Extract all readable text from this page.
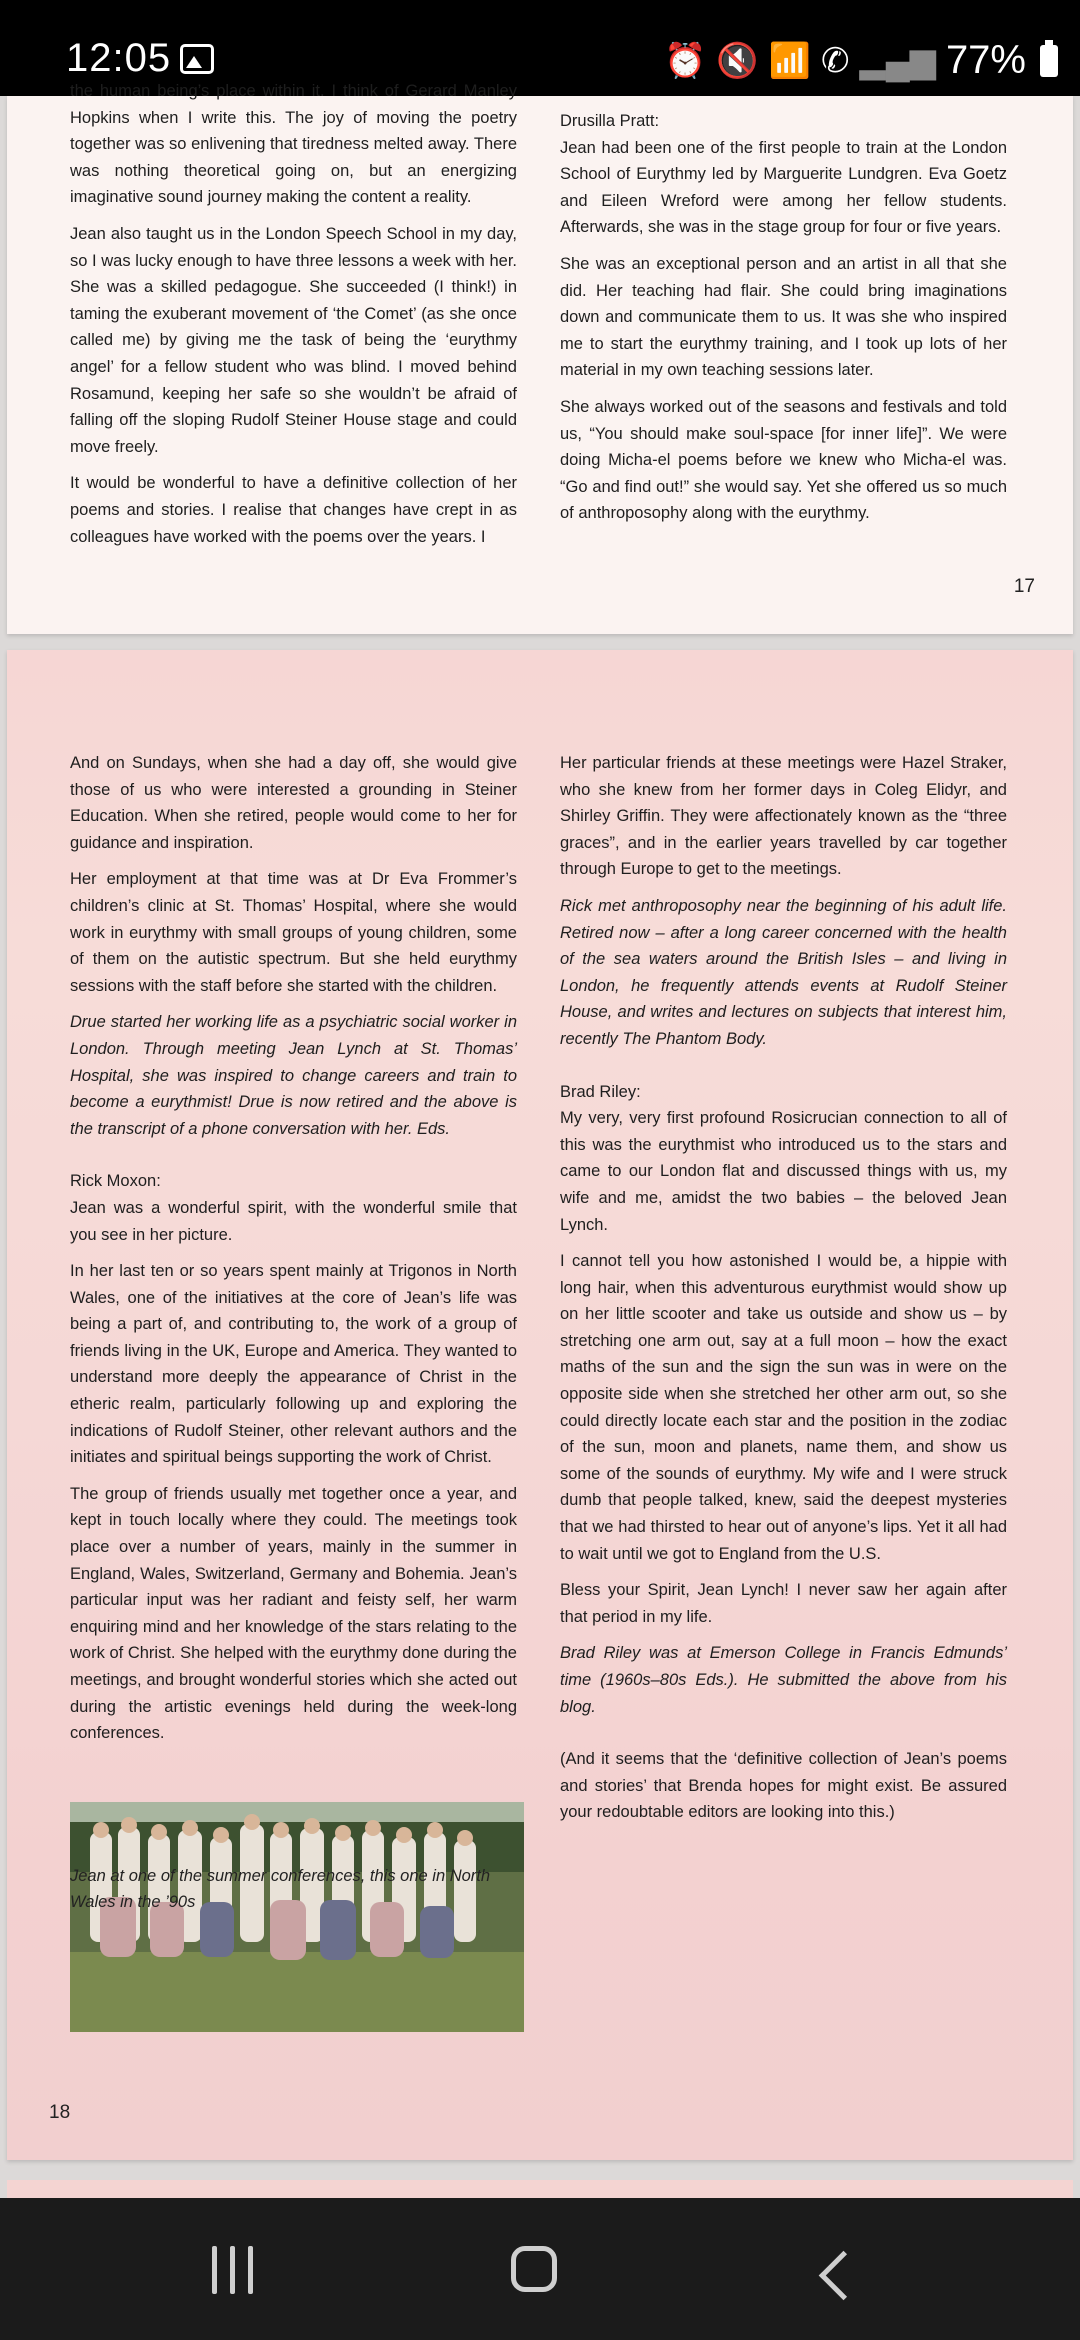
12:05	⏰ 🔇 📶 ✆ ▂▄▆ 77%

the human being’s place within it. I think of Gerard Manley Hopkins when I write this. The joy of moving the poetry together was so enlivening that tiredness melted away. There was nothing theoretical going on, but an energizing imaginative sound journey making the content a reality.

Jean also taught us in the London Speech School in my day, so I was lucky enough to have three lessons a week with her. She was a skilled pedagogue. She succeeded (I think!) in taming the exuberant movement of ‘the Comet’ (as she once called me) by giving me the task of being the ‘eurythmy angel’ for a fellow student who was blind. I moved behind Rosamund, keeping her safe so she wouldn’t be afraid of falling off the sloping Rudolf Steiner House stage and could move freely.

It would be wonderful to have a definitive collection of her poems and stories. I realise that changes have crept in as colleagues have worked with the poems over the years. I

Drusilla Pratt:

Jean had been one of the first people to train at the London School of Eurythmy led by Marguerite Lundgren. Eva Goetz and Eileen Wreford were among her fellow students. Afterwards, she was in the stage group for four or five years.

She was an exceptional person and an artist in all that she did. Her teaching had flair. She could bring imaginations down and communicate them to us. It was she who inspired me to start the eurythmy training, and I took up lots of her material in my own teaching sessions later.

She always worked out of the seasons and festivals and told us, “You should make soul-space [for inner life]”. We were doing Micha-el poems before we knew who Micha-el was. “Go and find out!” she would say. Yet she offered us so much of anthroposophy along with the eurythmy.

17

And on Sundays, when she had a day off, she would give those of us who were interested a grounding in Steiner Education. When she retired, people would come to her for guidance and inspiration.

Her employment at that time was at Dr Eva Frommer’s children’s clinic at St. Thomas’ Hospital, where she would work in eurythmy with small groups of young children, some of them on the autistic spectrum. But she held eurythmy sessions with the staff before she started with the children.

Drue started her working life as a psychiatric social worker in London. Through meeting Jean Lynch at St. Thomas’ Hospital, she was inspired to change careers and train to become a eurythmist! Drue is now retired and the above is the transcript of a phone conversation with her. Eds.

Rick Moxon:

Jean was a wonderful spirit, with the wonderful smile that you see in her picture.

In her last ten or so years spent mainly at Trigonos in North Wales, one of the initiatives at the core of Jean’s life was being a part of, and contributing to, the work of a group of friends living in the UK, Europe and America. They wanted to understand more deeply the appearance of Christ in the etheric realm, particularly following up and exploring the indications of Rudolf Steiner, other relevant authors and the initiates and spiritual beings supporting the work of Christ.

The group of friends usually met together once a year, and kept in touch locally where they could. The meetings took place over a number of years, mainly in the summer in England, Wales, Switzerland, Germany and Bohemia. Jean’s particular input was her radiant and feisty self, her warm enquiring mind and her knowledge of the stars relating to the work of Christ. She helped with the eurythmy done during the meetings, and brought wonderful stories which she acted out during the artistic evenings held during the week-long conferences.

Jean at one of the summer conferences, this one in North Wales in the ’90s

Her particular friends at these meetings were Hazel Straker, who she knew from her former days in Coleg Elidyr, and Shirley Griffin. They were affectionately known as the “three graces”, and in the earlier years travelled by car together through Europe to get to the meetings.

Rick met anthroposophy near the beginning of his adult life. Retired now – after a long career concerned with the health of the sea waters around the British Isles – and living in London, he frequently attends events at Rudolf Steiner House, and writes and lectures on subjects that interest him, recently The Phantom Body.

Brad Riley:

My very, very first profound Rosicrucian connection to all of this was the eurythmist who introduced us to the stars and came to our London flat and discussed things with us, my wife and me, amidst the two babies – the beloved Jean Lynch.

I cannot tell you how astonished I would be, a hippie with long hair, when this adventurous eurythmist would show up on her little scooter and take us outside and show us – by stretching one arm out, say at a full moon – how the exact maths of the sun and the sign the sun was in were on the opposite side when she stretched her other arm out, so she could directly locate each star and the position in the zodiac of the sun, moon and planets, name them, and show us some of the sounds of eurythmy. My wife and I were struck dumb that people talked, knew, said the deepest mysteries that we had thirsted to hear out of anyone’s lips. Yet it all had to wait until we got to England from the U.S.

Bless your Spirit, Jean Lynch! I never saw her again after that period in my life.

Brad Riley was at Emerson College in Francis Edmunds’ time (1960s–80s Eds.). He submitted the above from his blog.

(And it seems that the ‘definitive collection of Jean’s poems and stories’ that Brenda hopes for might exist. Be assured your redoubtable editors are looking into this.)

18
